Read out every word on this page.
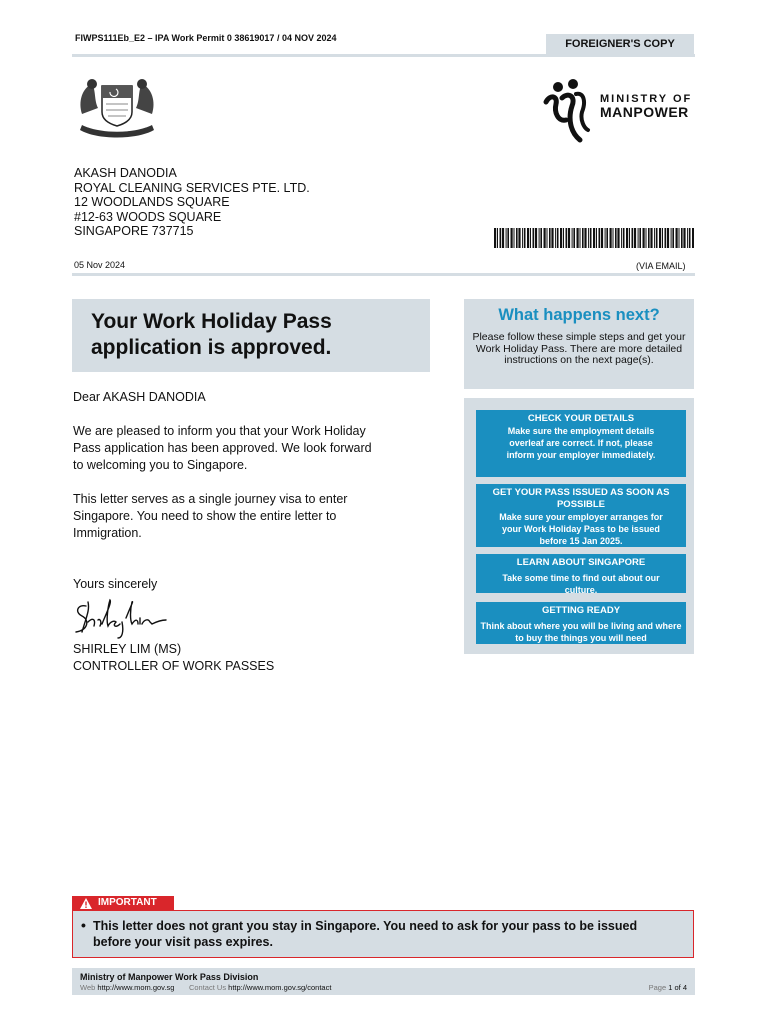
FIWPS111Eb_E2 – IPA Work Permit 0 38619017 / 04 NOV 2024	FOREIGNER'S COPY
MINISTRY OF
MANPOWER
AKASH DANODIA
ROYAL CLEANING SERVICES PTE. LTD.
12 WOODLANDS SQUARE
#12-63 WOODS SQUARE
SINGAPORE 737715
05 Nov 2024	(VIA EMAIL)
Your Work Holiday Pass application is approved.
What happens next?
Please follow these simple steps and get your Work Holiday Pass. There are more detailed instructions on the next page(s).
Dear AKASH DANODIA
We are pleased to inform you that your Work Holiday Pass application has been approved. We look forward to welcoming you to Singapore.
This letter serves as a single journey visa to enter Singapore. You need to show the entire letter to Immigration.
Yours sincerely
SHIRLEY LIM (MS)
CONTROLLER OF WORK PASSES
CHECK YOUR DETAILS
Make sure the employment details overleaf are correct. If not, please inform your employer immediately.
GET YOUR PASS ISSUED AS SOON AS POSSIBLE
Make sure your employer arranges for your Work Holiday Pass to be issued before 15 Jan 2025.
LEARN ABOUT SINGAPORE
Take some time to find out about our culture.
GETTING READY
Think about where you will be living and where to buy the things you will need
IMPORTANT
• This letter does not grant you stay in Singapore. You need to ask for your pass to be issued before your visit pass expires.
Ministry of Manpower Work Pass Division
Web http://www.mom.gov.sg Contact Us http://www.mom.gov.sg/contact	Page 1 of 4
